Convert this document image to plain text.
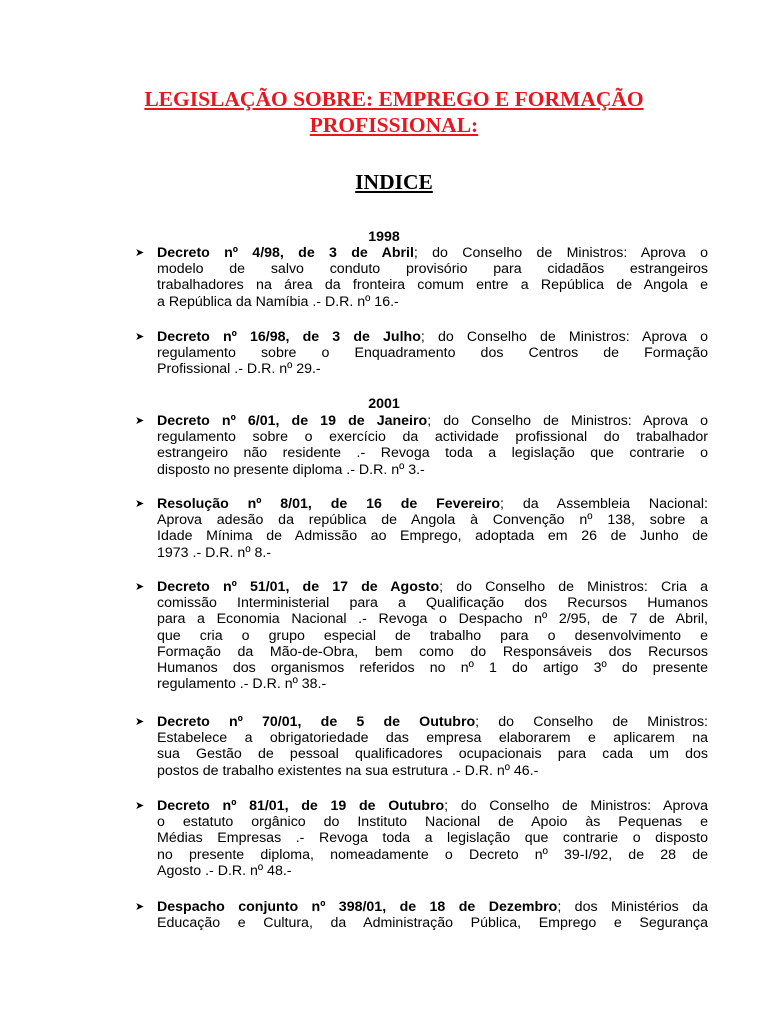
LEGISLAÇÃO SOBRE: EMPREGO E FORMAÇÃO
PROFISSIONAL:
INDICE

1998

➤ Decreto nº 4/98, de 3 de Abril; do Conselho de Ministros: Aprova o
modelo de salvo conduto provisório para cidadãos estrangeiros
trabalhadores na área da fronteira comum entre a República de Angola e
a República da Namíbia .- D.R. nº 16.-
➤ Decreto nº 16/98, de 3 de Julho; do Conselho de Ministros: Aprova o
regulamento sobre o Enquadramento dos Centros de Formação
Profissional .- D.R. nº 29.-

2001

➤ Decreto nº 6/01, de 19 de Janeiro; do Conselho de Ministros: Aprova o
regulamento sobre o exercício da actividade profissional do trabalhador
estrangeiro não residente .- Revoga toda a legislação que contrarie o
disposto no presente diploma .- D.R. nº 3.-
➤ Resolução nº 8/01, de 16 de Fevereiro; da Assembleia Nacional:
Aprova adesão da república de Angola à Convenção nº 138, sobre a
Idade Mínima de Admissão ao Emprego, adoptada em 26 de Junho de
1973 .- D.R. nº 8.-
➤ Decreto nº 51/01, de 17 de Agosto; do Conselho de Ministros: Cria a
comissão Interministerial para a Qualificação dos Recursos Humanos
para a Economia Nacional .- Revoga o Despacho nº 2/95, de 7 de Abril,
que cria o grupo especial de trabalho para o desenvolvimento e
Formação da Mão-de-Obra, bem como do Responsáveis dos Recursos
Humanos dos organismos referidos no nº 1 do artigo 3º do presente
regulamento .- D.R. nº 38.-
➤ Decreto nº 70/01, de 5 de Outubro; do Conselho de Ministros:
Estabelece a obrigatoriedade das empresa elaborarem e aplicarem na
sua Gestão de pessoal qualificadores ocupacionais para cada um dos
postos de trabalho existentes na sua estrutura .- D.R. nº 46.-
➤ Decreto nº 81/01, de 19 de Outubro; do Conselho de Ministros: Aprova
o estatuto orgânico do Instituto Nacional de Apoio às Pequenas e
Médias Empresas .- Revoga toda a legislação que contrarie o disposto
no presente diploma, nomeadamente o Decreto nº 39-I/92, de 28 de
Agosto .- D.R. nº 48.-
➤ Despacho conjunto nº 398/01, de 18 de Dezembro; dos Ministérios da
Educação e Cultura, da Administração Pública, Emprego e Segurança
